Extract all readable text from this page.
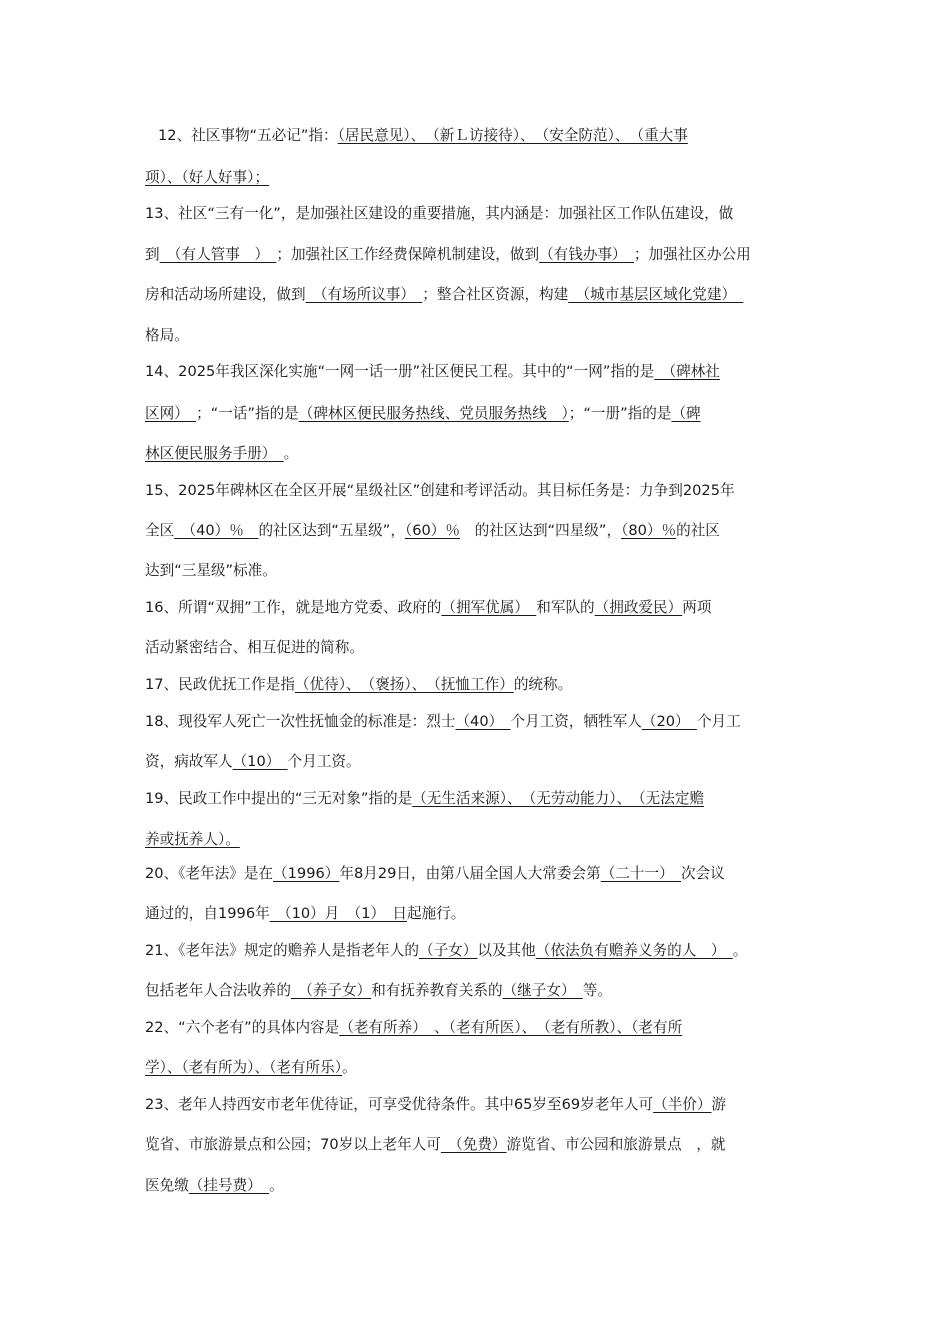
12、社区事物“五必记”指：（居民意见）、　（新Ｌ访接待）、　（安全防范）、　（重大事
项）、（好人好事）；
13、社区“三有一化”，是加强社区建设的重要措施，其内涵是：加强社区工作队伍建设，做
到　（有人管事　）　；加强社区工作经费保障机制建设，做到（有钱办事）　；加强社区办公用
房和活动场所建设，做到　（有场所议事）　；整合社区资源，构建　（城市基层区域化党建）　
格局。
14、2025年我区深化实施“一网一话一册”社区便民工程。其中的“一网”指的是　（碑林社
区网）　；“一话”指的是（碑林区便民服务热线、党员服务热线　）；“一册”指的是（碑
林区便民服务手册）　。
15、2025年碑林区在全区开展“星级社区”创建和考评活动。其目标任务是：力争到2025年
全区　（40）％　的社区达到“五星级”，（60）％　的社区达到“四星级”，（80）％的社区
达到“三星级”标准。
16、所谓“双拥”工作，就是地方党委、政府的（拥军优属）　和军队的（拥政爱民）两项
活动紧密结合、相互促进的简称。
17、民政优抚工作是指（优待）、　（褒扬）、　（抚恤工作）的统称。
18、现役军人死亡一次性抚恤金的标准是：烈士（40）　个月工资，牺牲军人（20）　个月工
资，病故军人（10）　个月工资。
19、民政工作中提出的“三无对象”指的是（无生活来源）、　（无劳动能力）、　（无法定赡
养或抚养人）。
20、《老年法》是在（1996）年8月29日，由第八届全国人大常委会第（二十一）　次会议
通过的，自1996年　（10）月　（1）　日起施行。
21、《老年法》规定的赡养人是指老年人的（子女）以及其他（依法负有赡养义务的人　）　。
包括老年人合法收养的　（养子女）和有抚养教育关系的（继子女）　等。
22、“六个老有”的具体内容是（老有所养）　、（老有所医）、　（老有所教）、（老有所
学）、（老有所为）、（老有所乐）。
23、老年人持西安市老年优待证，可享受优待条件。其中65岁至69岁老年人可（半价）游
览省、市旅游景点和公园；70岁以上老年人可　（免费）游览省、市公园和旅游景点　，就
医免缴（挂号费）　。
